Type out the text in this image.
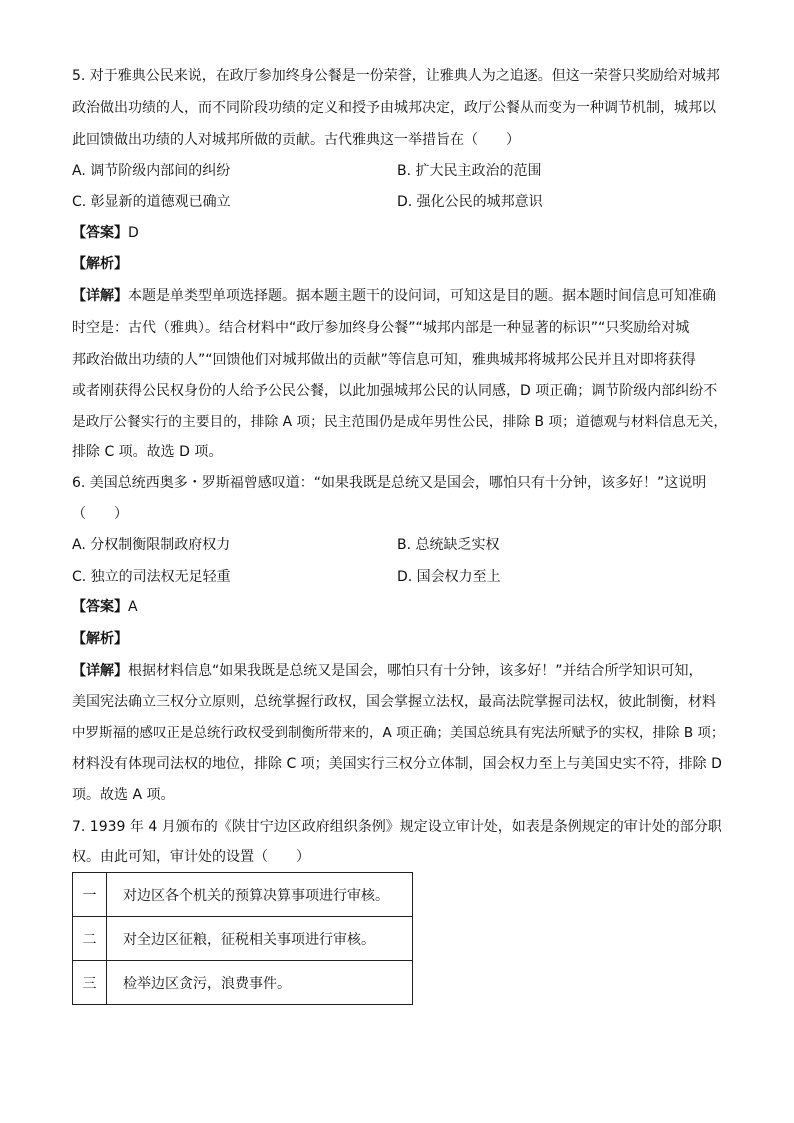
5. 对于雅典公民来说，在政厅参加终身公餐是一份荣誉，让雅典人为之追逐。但这一荣誉只奖励给对城邦
政治做出功绩的人，而不同阶段功绩的定义和授予由城邦决定，政厅公餐从而变为一种调节机制，城邦以
此回馈做出功绩的人对城邦所做的贡献。古代雅典这一举措旨在（　　）
A. 调节阶级内部间的纠纷	B. 扩大民主政治的范围
C. 彰显新的道德观已确立	D. 强化公民的城邦意识
【答案】D
【解析】
【详解】本题是单类型单项选择题。据本题主题干的设问词，可知这是目的题。据本题时间信息可知准确
时空是：古代（雅典）。结合材料中“政厅参加终身公餐”“城邦内部是一种显著的标识”“只奖励给对城
邦政治做出功绩的人”“回馈他们对城邦做出的贡献”等信息可知，雅典城邦将城邦公民并且对即将获得
或者刚获得公民权身份的人给予公民公餐，以此加强城邦公民的认同感，D 项正确；调节阶级内部纠纷不
是政厅公餐实行的主要目的，排除 A 项；民主范围仍是成年男性公民，排除 B 项；道德观与材料信息无关，
排除 C 项。故选 D 项。
6. 美国总统西奥多・罗斯福曾感叹道：“如果我既是总统又是国会，哪怕只有十分钟，该多好！”这说明
（　　）
A. 分权制衡限制政府权力	B. 总统缺乏实权
C. 独立的司法权无足轻重	D. 国会权力至上
【答案】A
【解析】
【详解】根据材料信息“如果我既是总统又是国会，哪怕只有十分钟，该多好！”并结合所学知识可知，
美国宪法确立三权分立原则，总统掌握行政权，国会掌握立法权，最高法院掌握司法权，彼此制衡，材料
中罗斯福的感叹正是总统行政权受到制衡所带来的，A 项正确；美国总统具有宪法所赋予的实权，排除 B 项；
材料没有体现司法权的地位，排除 C 项；美国实行三权分立体制，国会权力至上与美国史实不符，排除 D
项。故选 A 项。
7. 1939 年 4 月颁布的《陕甘宁边区政府组织条例》规定设立审计处，如表是条例规定的审计处的部分职
权。由此可知，审计处的设置（　　）
一	对边区各个机关的预算决算事项进行审核。
二	对全边区征粮，征税相关事项进行审核。
三	检举边区贪污，浪费事件。
